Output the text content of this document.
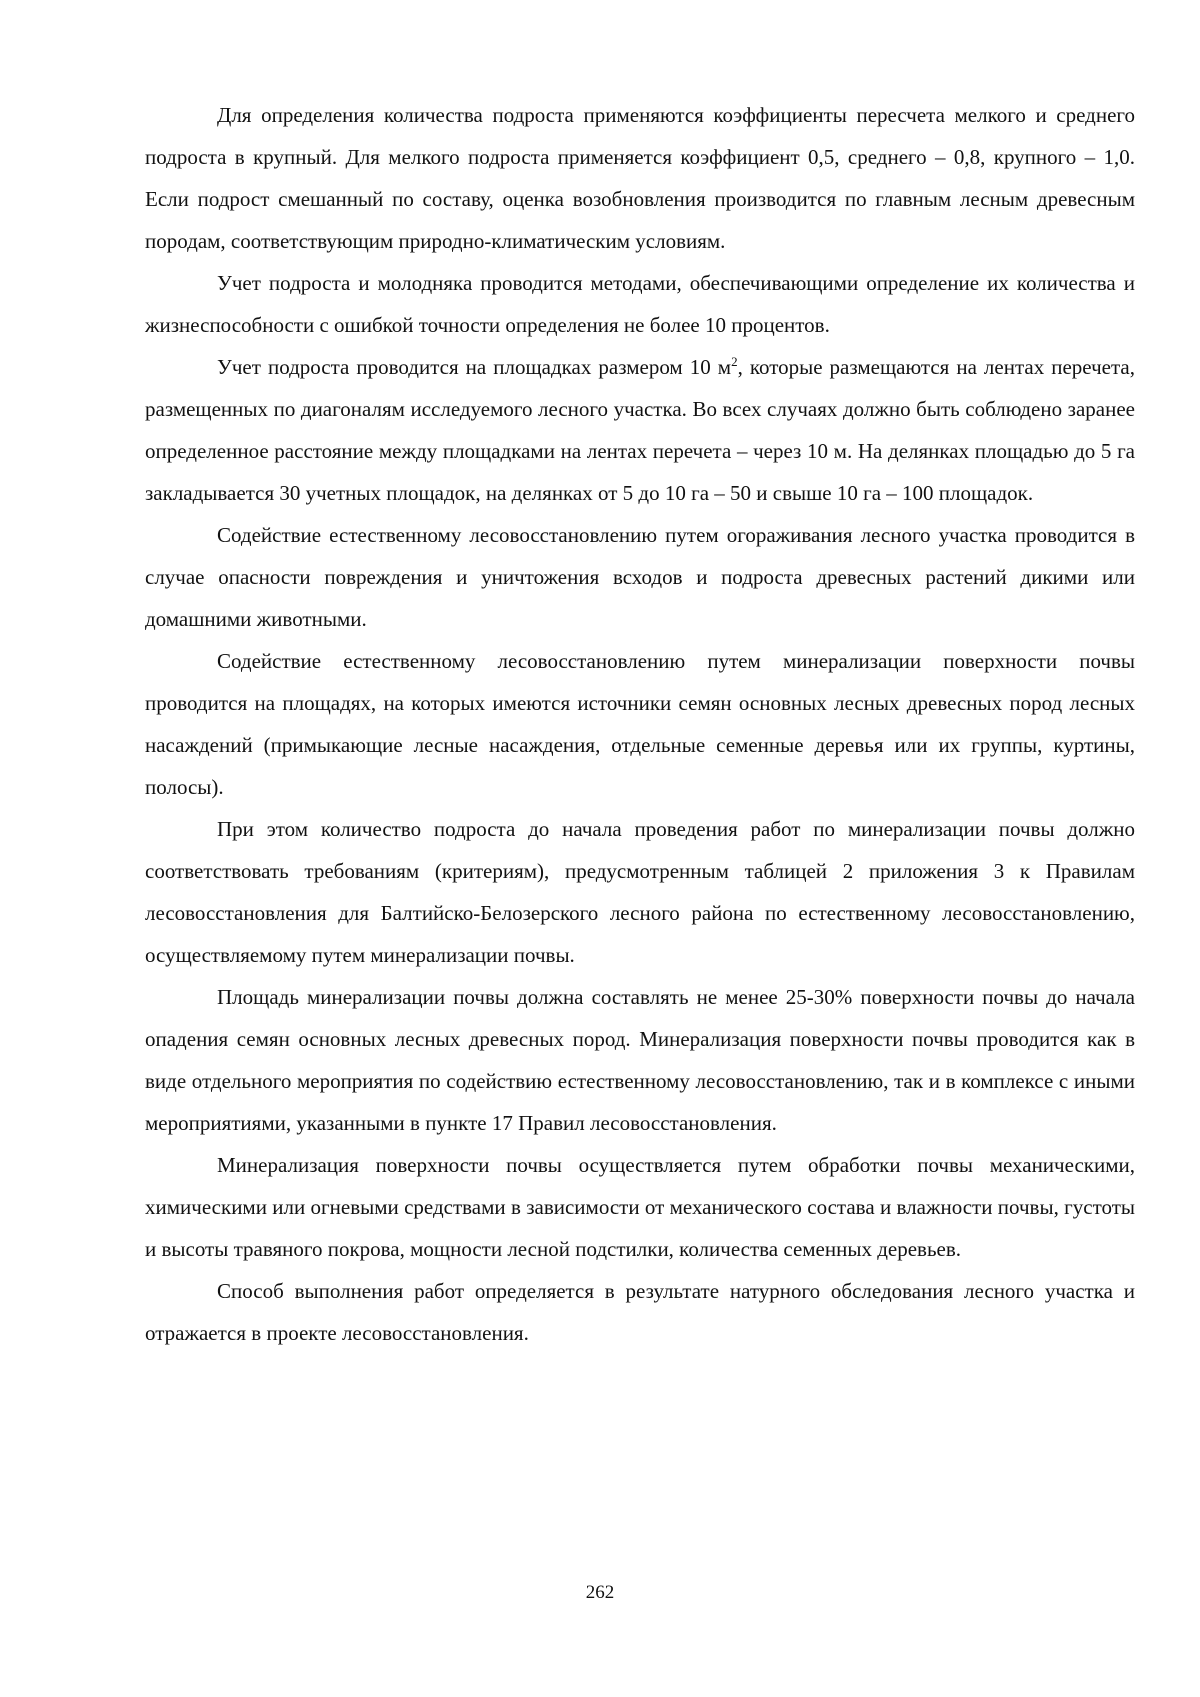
Для определения количества подроста применяются коэффициенты пересчета мелкого и среднего подроста в крупный. Для мелкого подроста применяется коэффициент 0,5, среднего – 0,8, крупного – 1,0. Если подрост смешанный по составу, оценка возобновления производится по главным лесным древесным породам, соответствующим природно-климатическим условиям.

Учет подроста и молодняка проводится методами, обеспечивающими определение их количества и жизнеспособности с ошибкой точности определения не более 10 процентов.

Учет подроста проводится на площадках размером 10 $м^2$, которые размещаются на лентах перечета, размещенных по диагоналям исследуемого лесного участка. Во всех случаях должно быть соблюдено заранее определенное расстояние между площадками на лентах перечета – через 10 м. На делянках площадью до 5 га закладывается 30 учетных площадок, на делянках от 5 до 10 га – 50 и свыше 10 га – 100 площадок.

Содействие естественному лесовосстановлению путем огораживания лесного участка проводится в случае опасности повреждения и уничтожения всходов и подроста древесных растений дикими или домашними животными.

Содействие естественному лесовосстановлению путем минерализации поверхности почвы проводится на площадях, на которых имеются источники семян основных лесных древесных пород лесных насаждений (примыкающие лесные насаждения, отдельные семенные деревья или их группы, куртины, полосы).

При этом количество подроста до начала проведения работ по минерализации почвы должно соответствовать требованиям (критериям), предусмотренным таблицей 2 приложения 3 к Правилам лесовосстановления для Балтийско-Белозерского лесного района по естественному лесовосстановлению, осуществляемому путем минерализации почвы.

Площадь минерализации почвы должна составлять не менее 25-30% поверхности почвы до начала опадения семян основных лесных древесных пород. Минерализация поверхности почвы проводится как в виде отдельного мероприятия по содействию естественному лесовосстановлению, так и в комплексе с иными мероприятиями, указанными в пункте 17 Правил лесовосстановления.

Минерализация поверхности почвы осуществляется путем обработки почвы механическими, химическими или огневыми средствами в зависимости от механического состава и влажности почвы, густоты и высоты травяного покрова, мощности лесной подстилки, количества семенных деревьев.

Способ выполнения работ определяется в результате натурного обследования лесного участка и отражается в проекте лесовосстановления.

262
